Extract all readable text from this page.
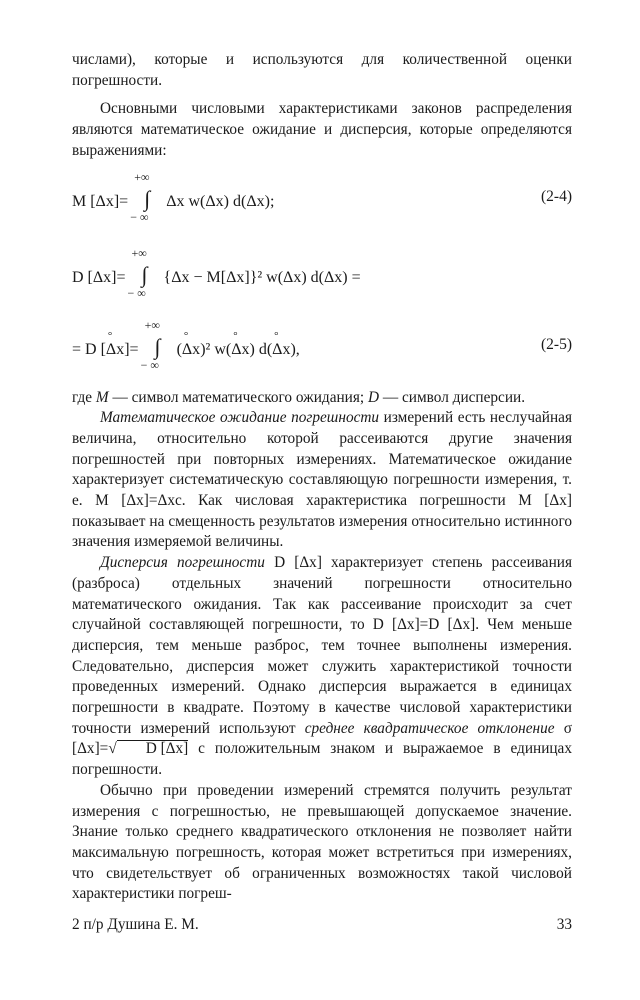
числами), которые и используются для количественной оценки погрешности.

Основными числовыми характеристиками законов распределения являются математическое ожидание и дисперсия, которые определяются выражениями:

M [Δx]=
+∞
∫
− ∞
Δx w(Δx) d(Δx);	(2-4)
D [Δx]=
+∞
∫
− ∞
{Δx − M[Δx]}² w(Δx) d(Δx) =
= D [° Δx]=
+∞
∫
− ∞
(° Δx)² w(° Δx) d(° Δx),	(2-5)

где M — символ математического ожидания; D — символ дисперсии.

Математическое ожидание погрешности измерений есть неслучайная величина, относительно которой рассеиваются другие значения погрешностей при повторных измерениях. Математическое ожидание характеризует систематическую составляющую погрешности измерения, т. е. M [Δx]=Δxс. Как числовая характеристика погрешности M [Δx] показывает на смещенность результатов измерения относительно истинного значения измеряемой величины.

Дисперсия погрешности D [Δx] характеризует степень рассеивания (разброса) отдельных значений погрешности относительно математического ожидания. Так как рассеивание происходит за счет случайной составляющей погрешности, то D [Δx]=D [Δx]. Чем меньше дисперсия, тем меньше разброс, тем точнее выполнены измерения. Следовательно, дисперсия может служить характеристикой точности проведенных измерений. Однако дисперсия выражается в единицах погрешности в квадрате. Поэтому в качестве числовой характеристики точности измерений используют среднее квадратическое отклонение σ [Δx]=√ D [Δx] с положительным знаком и выражаемое в единицах погрешности.

Обычно при проведении измерений стремятся получить результат измерения с погрешностью, не превышающей допускаемое значение. Знание только среднего квадратического отклонения не позволяет найти максимальную погрешность, которая может встретиться при измерениях, что свидетельствует об ограниченных возможностях такой числовой характеристики погреш-

2 п/р Душина Е. М.	33
